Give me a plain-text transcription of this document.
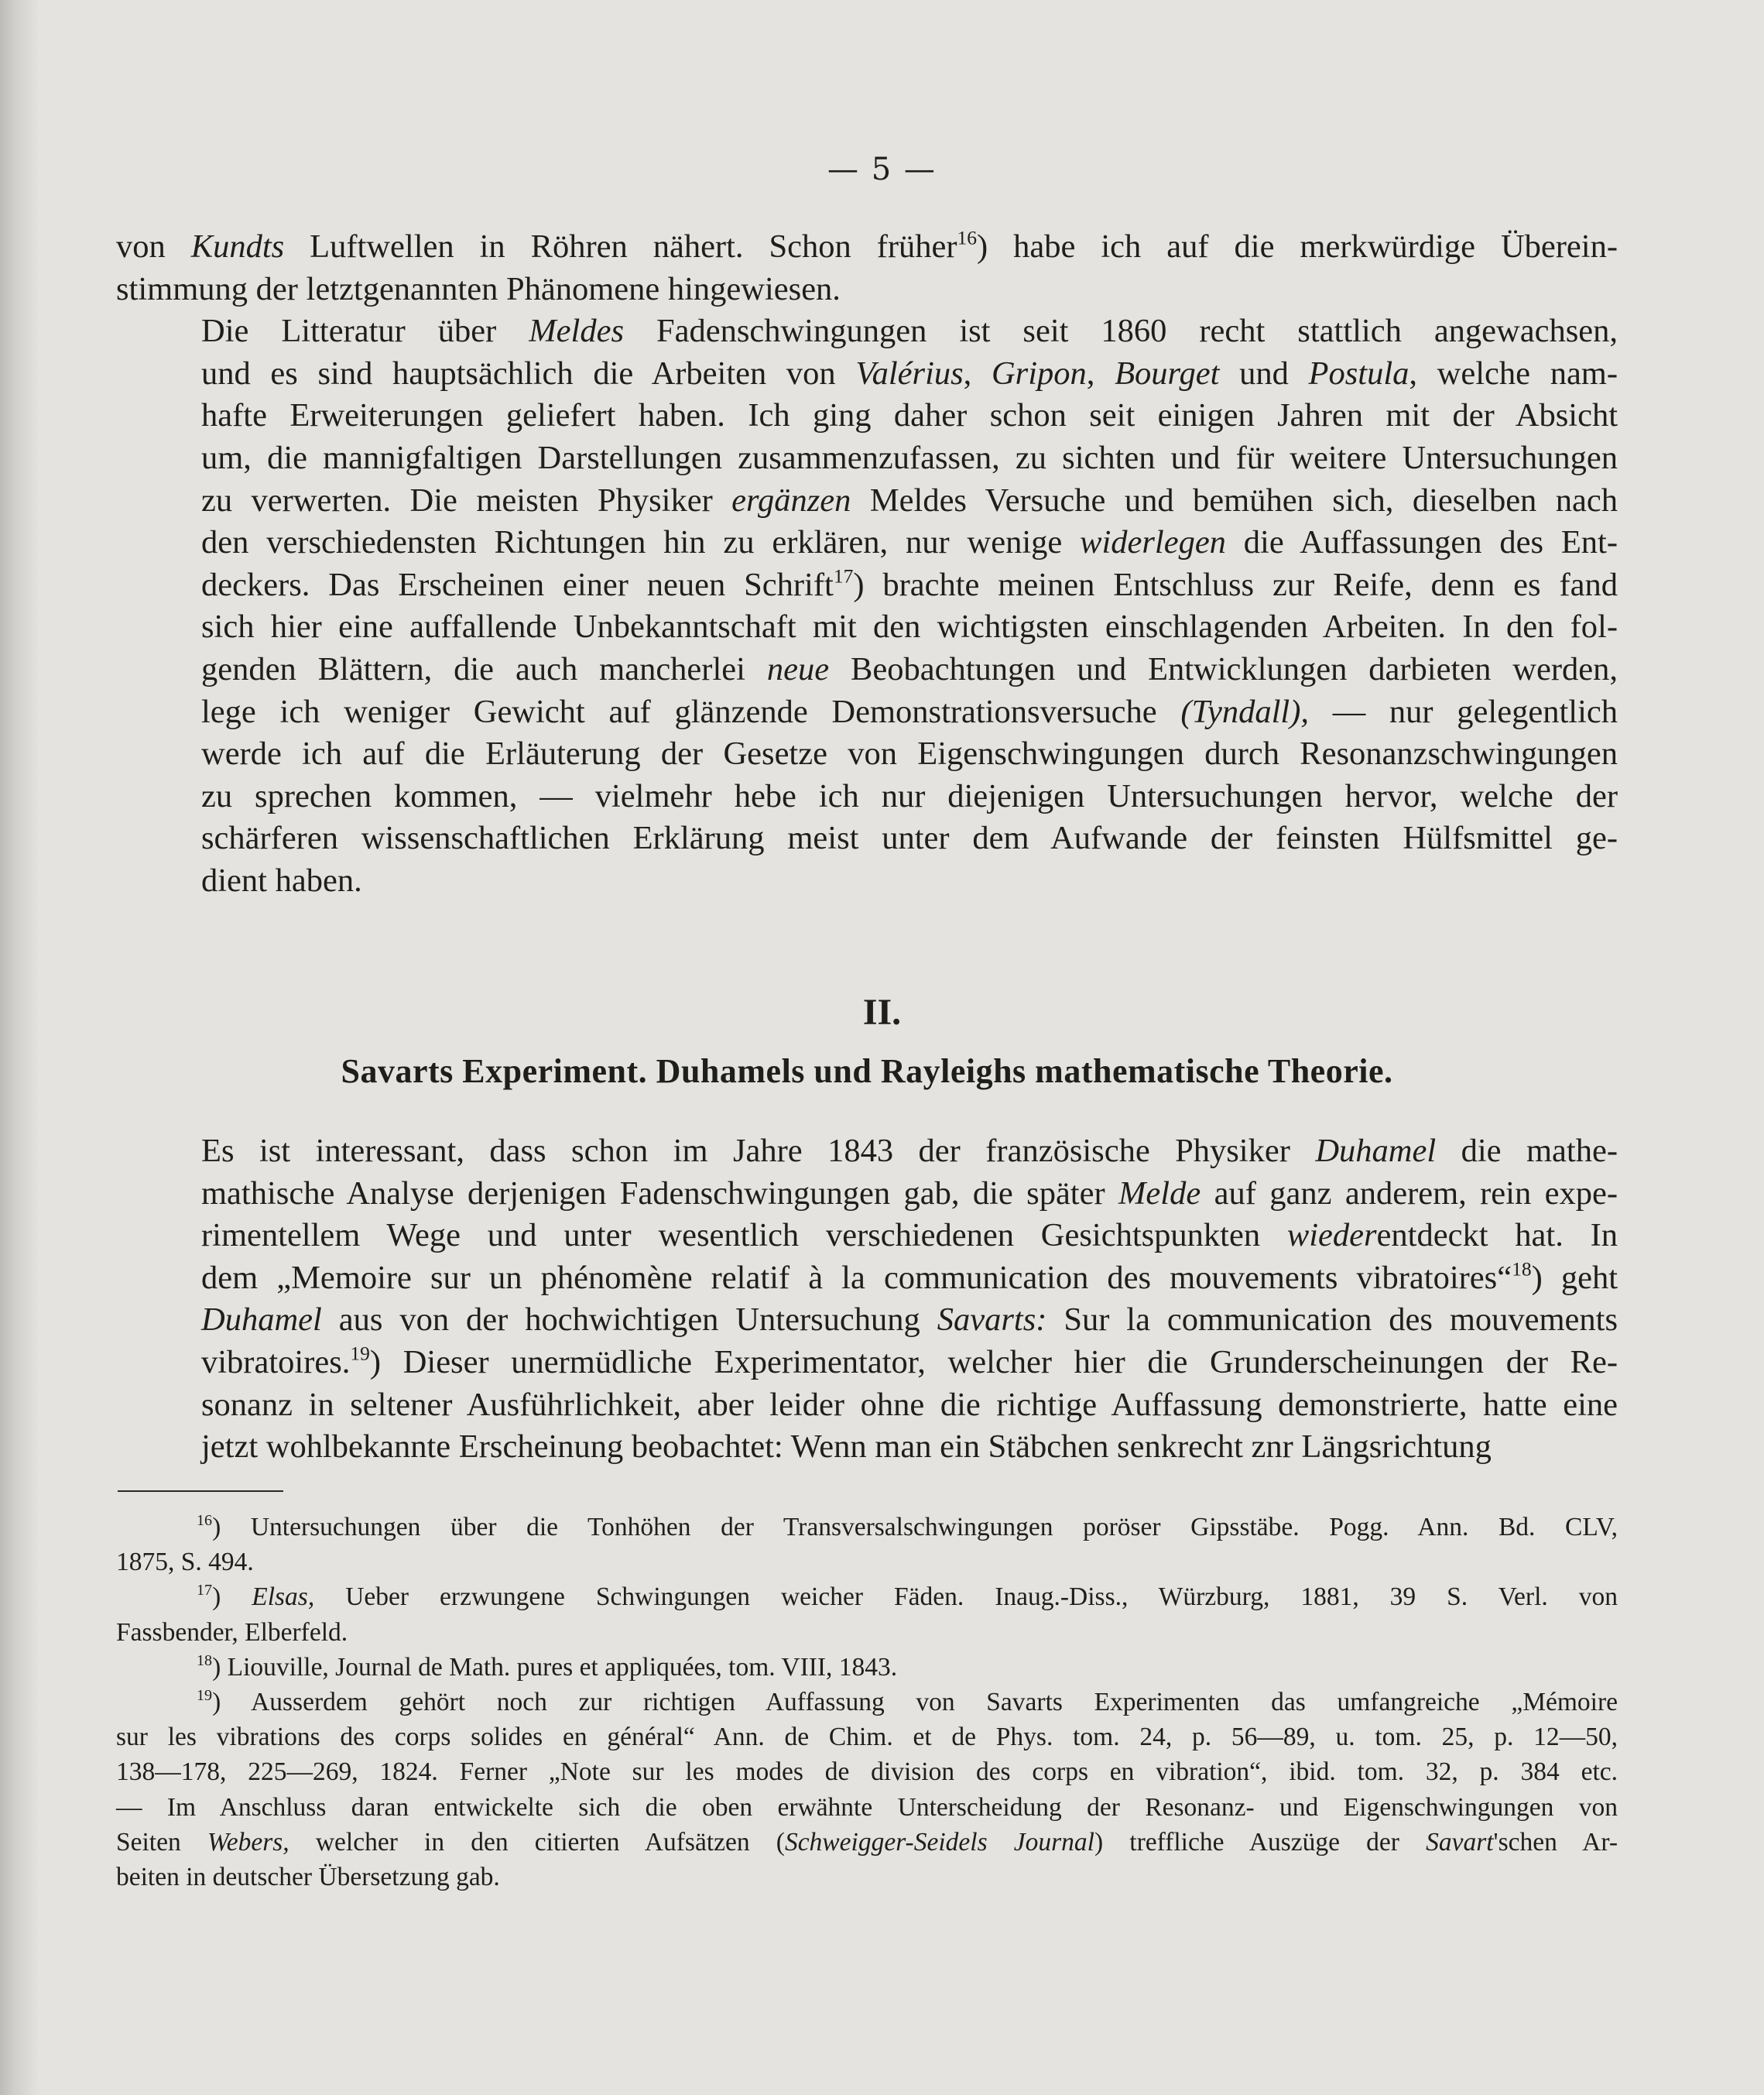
— 5 —

von Kundts Luftwellen in Röhren nähert. Schon früher$^{16}$) habe ich auf die merkwürdige Überein-
stimmung der letztgenannten Phänomene hingewiesen.

Die Litteratur über Meldes Fadenschwingungen ist seit 1860 recht stattlich angewachsen,
und es sind hauptsächlich die Arbeiten von Valérius, Gripon, Bourget und Postula, welche nam-
hafte Erweiterungen geliefert haben. Ich ging daher schon seit einigen Jahren mit der Absicht
um, die mannigfaltigen Darstellungen zusammenzufassen, zu sichten und für weitere Untersuchungen
zu verwerten. Die meisten Physiker ergänzen Meldes Versuche und bemühen sich, dieselben nach
den verschiedensten Richtungen hin zu erklären, nur wenige widerlegen die Auffassungen des Ent-
deckers. Das Erscheinen einer neuen Schrift$^{17}$) brachte meinen Entschluss zur Reife, denn es fand
sich hier eine auffallende Unbekanntschaft mit den wichtigsten einschlagenden Arbeiten. In den fol-
genden Blättern, die auch mancherlei neue Beobachtungen und Entwicklungen darbieten werden,
lege ich weniger Gewicht auf glänzende Demonstrationsversuche (Tyndall), — nur gelegentlich
werde ich auf die Erläuterung der Gesetze von Eigenschwingungen durch Resonanzschwingungen
zu sprechen kommen, — vielmehr hebe ich nur diejenigen Untersuchungen hervor, welche der
schärferen wissenschaftlichen Erklärung meist unter dem Aufwande der feinsten Hülfsmittel ge-
dient haben.

II.
Savarts Experiment. Duhamels und Rayleighs mathematische Theorie.

Es ist interessant, dass schon im Jahre 1843 der französische Physiker Duhamel die mathe-
mathische Analyse derjenigen Fadenschwingungen gab, die später Melde auf ganz anderem, rein expe-
rimentellem Wege und unter wesentlich verschiedenen Gesichtspunkten wiederentdeckt hat. In
dem „Memoire sur un phénomène relatif à la communication des mouvements vibratoires“$^{18}$) geht
Duhamel aus von der hochwichtigen Untersuchung Savarts: Sur la communication des mouvements
vibratoires.$^{19}$) Dieser unermüdliche Experimentator, welcher hier die Grunderscheinungen der Re-
sonanz in seltener Ausführlichkeit, aber leider ohne die richtige Auffassung demonstrierte, hatte eine
jetzt wohlbekannte Erscheinung beobachtet: Wenn man ein Stäbchen senkrecht znr Längsrichtung

$^{16}$) Untersuchungen über die Tonhöhen der Transversalschwingungen poröser Gipsstäbe. Pogg. Ann. Bd. CLV,
1875, S. 494.

$^{17}$) Elsas, Ueber erzwungene Schwingungen weicher Fäden. Inaug.-Diss., Würzburg, 1881, 39 S. Verl. von
Fassbender, Elberfeld.

$^{18}$) Liouville, Journal de Math. pures et appliquées, tom. VIII, 1843.

$^{19}$) Ausserdem gehört noch zur richtigen Auffassung von Savarts Experimenten das umfangreiche „Mémoire
sur les vibrations des corps solides en général“ Ann. de Chim. et de Phys. tom. 24, p. 56—89, u. tom. 25, p. 12—50,
138—178, 225—269, 1824. Ferner „Note sur les modes de division des corps en vibration“, ibid. tom. 32, p. 384 etc.
— Im Anschluss daran entwickelte sich die oben erwähnte Unterscheidung der Resonanz- und Eigenschwingungen von
Seiten Webers, welcher in den citierten Aufsätzen (Schweigger-Seidels Journal) treffliche Auszüge der Savart'schen Ar-
beiten in deutscher Übersetzung gab.
